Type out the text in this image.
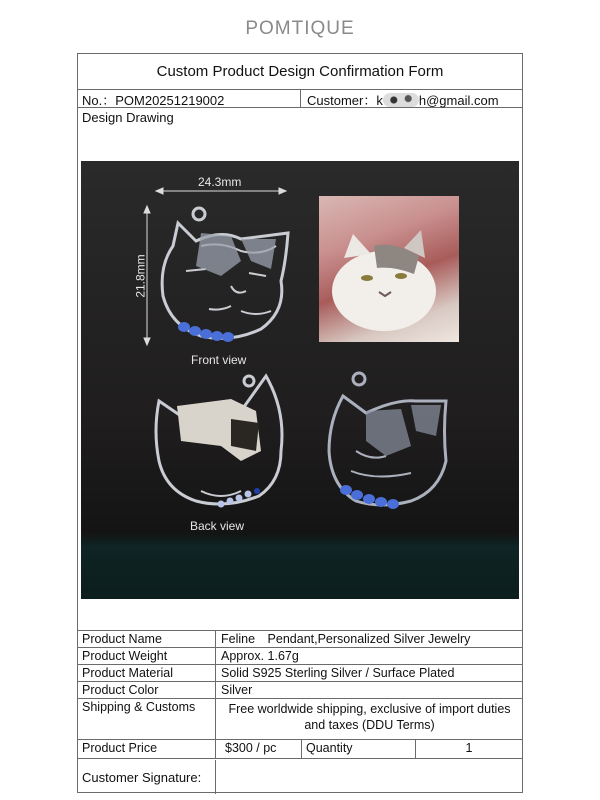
POMTIQUE
Custom Product Design Confirmation Form
No.：POM20251219002	Customer：k	h@gmail.com
Design Drawing
24.3mm
21.8mm
Front view
Back view
Product Name	Feline　Pendant,Personalized Silver Jewelry		
Product Weight	Approx. 1.67g		
Product Material	Solid S925 Sterling Silver / Surface Plated		
Product Color	Silver		
Shipping & Customs	Free worldwide shipping, exclusive of import duties and taxes (DDU Terms)		
Product Price	$300 / pc	Quantity	1
Customer Signature:
